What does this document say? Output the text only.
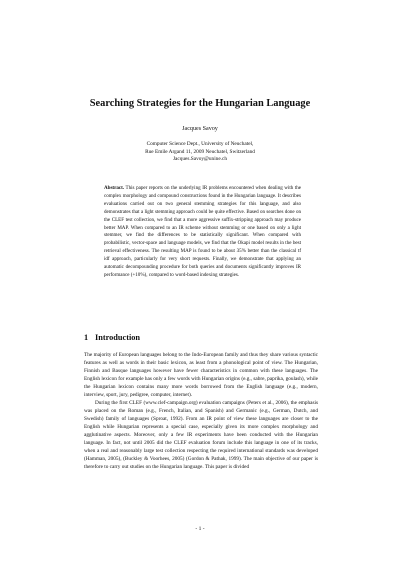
Searching Strategies for the Hungarian Language
Jacques Savoy
Computer Science Dept., University of Neuchatel,
Rue Emile Argand 11, 2009 Neuchatel, Switzerland
Jacques.Savoy@unine.ch
Abstract. This paper reports on the underlying IR problems encountered when dealing with the complex morphology and compound constructions found in the Hungarian language. It describes evaluations carried out on two general stemming strategies for this language, and also demonstrates that a light stemming approach could be quite effective. Based on searches done on the CLEF test collection, we find that a more aggressive suffix-stripping approach may produce better MAP. When compared to an IR scheme without stemming or one based on only a light stemmer, we find the differences to be statistically significant. When compared with probabilistic, vector-space and language models, we find that the Okapi model results in the best retrieval effectiveness. The resulting MAP is found to be about 35% better than the classical tf idf approach, particularly for very short requests. Finally, we demonstrate that applying an automatic decompounding procedure for both queries and documents significantly improves IR performance (+10%), compared to word-based indexing strategies.
1 Introduction

The majority of European languages belong to the Indo-European family and thus they share various syntactic features as well as words in their basic lexicon, as least from a phonological point of view. The Hungarian, Finnish and Basque languages however have fewer characteristics in common with these languages. The English lexicon for example has only a few words with Hungarian origins (e.g., sabre, paprika, goulash), while the Hungarian lexicon contains many more words borrowed from the English language (e.g., modern, interview, sport, jury, pedigree, computer, internet).

During the first CLEF (www.clef-campaign.org) evaluation campaigns (Peters et al., 2006), the emphasis was placed on the Roman (e.g., French, Italian, and Spanish) and Germanic (e.g., German, Dutch, and Swedish) family of languages (Sproat, 1992). From an IR point of view these languages are closer to the English while Hungarian represents a special case, especially given its more complex morphology and agglutinative aspects. Moreover, only a few IR experiments have been conducted with the Hungarian language. In fact, not until 2005 did the CLEF evaluation forum include this language in one of its tracks, when a real and reasonably large test collection respecting the required international standards was developed (Hamman, 2005), (Buckley & Voorhees, 2005) (Gordon & Pathak, 1999). The main objective of our paper is therefore to carry out studies on the Hungarian language. This paper is divided

- 1 -
